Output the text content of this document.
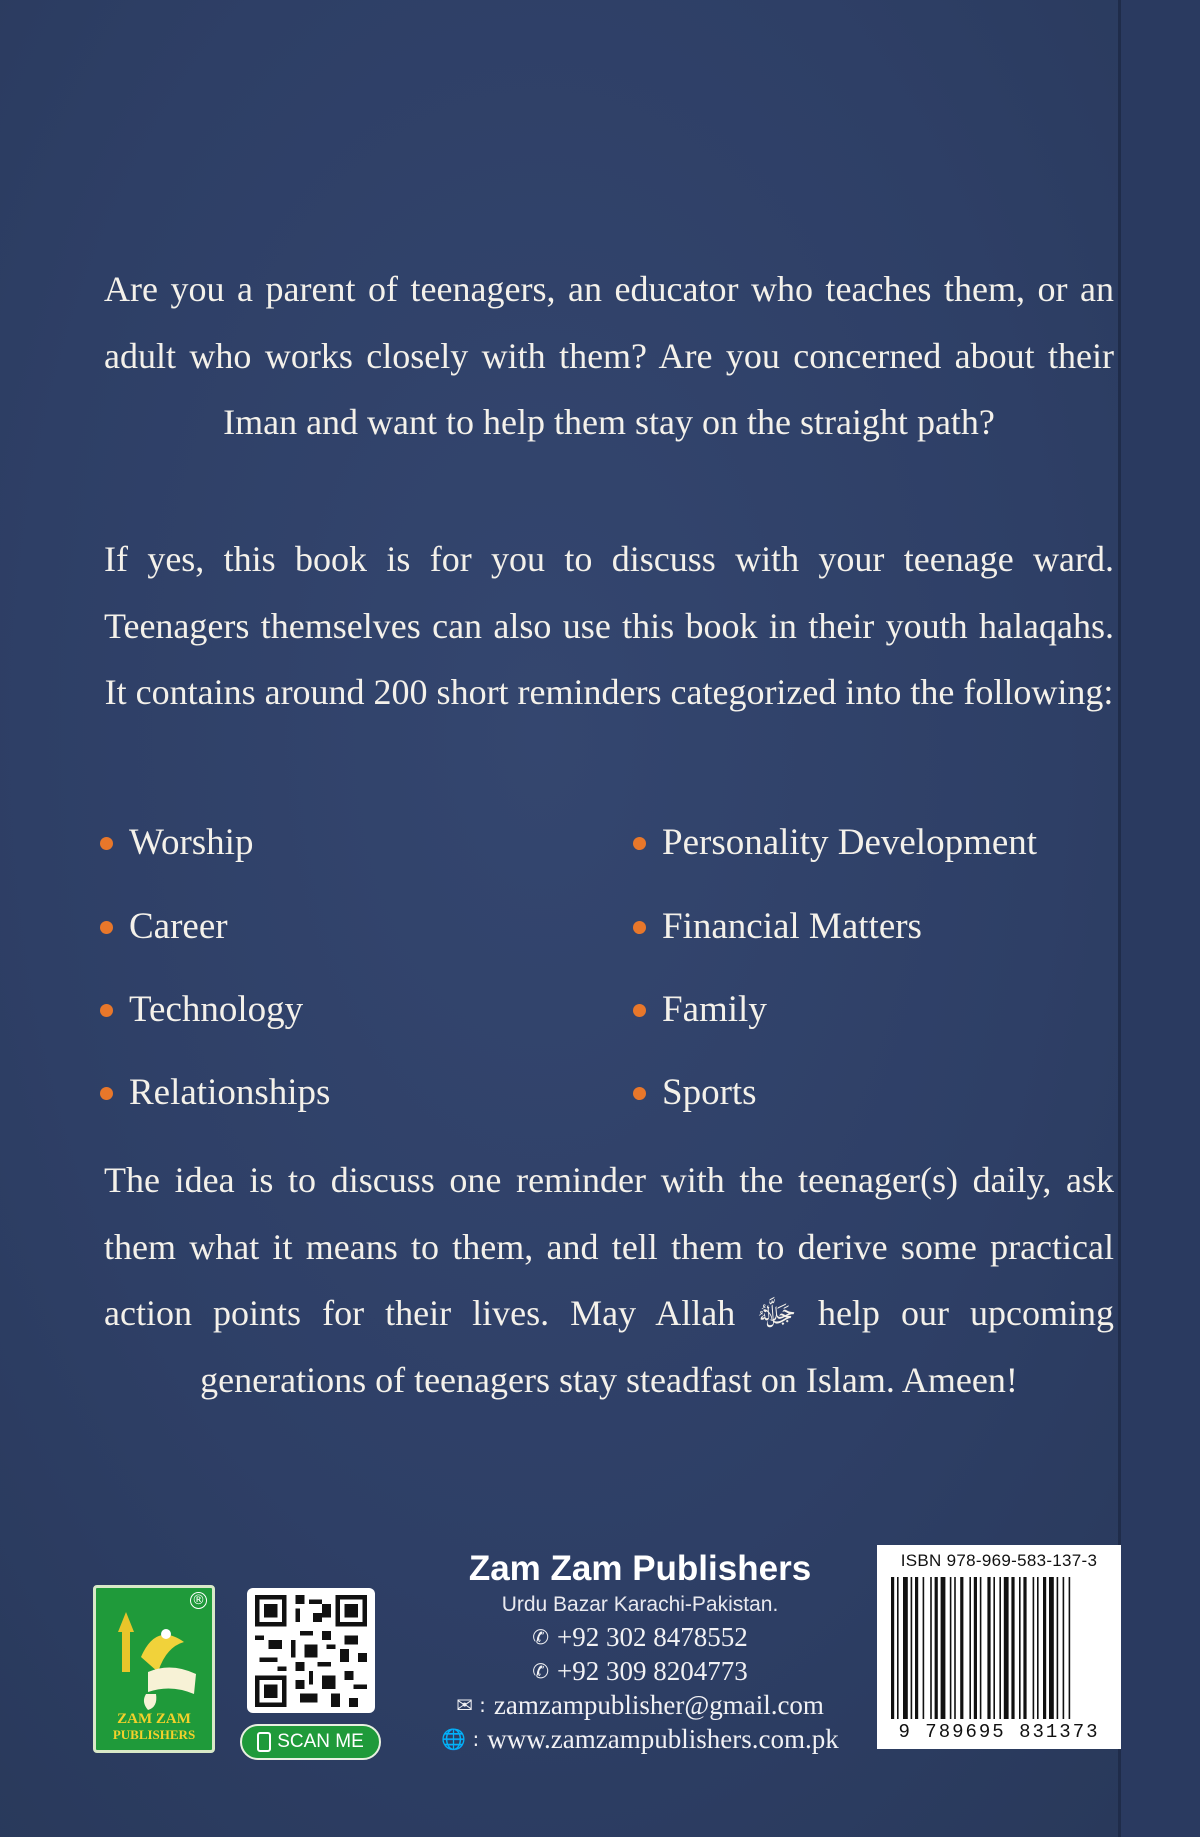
Are you a parent of teenagers, an educator who teaches them, or an adult who works closely with them? Are you concerned about their Iman and want to help them stay on the straight path?

If yes, this book is for you to discuss with your teenage ward. Teenagers themselves can also use this book in their youth halaqahs. It contains around 200 short reminders categorized into the following:

Worship
Career
Technology
Relationships
Personality Development
Financial Matters
Family
Sports

The idea is to discuss one reminder with the teenager(s) daily, ask them what it means to them, and tell them to derive some practical action points for their lives. May Allah ﷻ help our upcoming generations of teenagers stay steadfast on Islam. Ameen!

®
ZAM ZAM
PUBLISHERS	SCAN ME
Zam Zam Publishers
Urdu Bazar Karachi-Pakistan.
✆ +92 302 8478552
✆ +92 309 8204773
✉ : zamzampublisher@gmail.com
🌐 : www.zamzampublishers.com.pk
ISBN 978-969-583-137-3
9 789695 831373
